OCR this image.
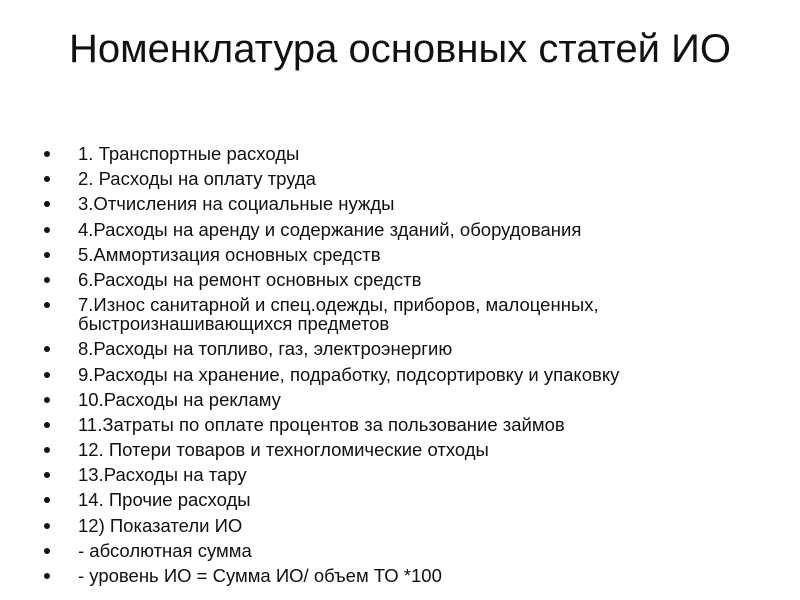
Номенклатура основных статей ИО
1. Транспортные расходы
2. Расходы на оплату труда
3.Отчисления на социальные нужды
4.Расходы на аренду и содержание зданий, оборудования
5.Аммортизация основных средств
6.Расходы на ремонт основных средств
7.Износ санитарной и спец.одежды, приборов, малоценных, быстроизнашивающихся предметов
8.Расходы на топливо, газ, электроэнергию
9.Расходы на хранение, подработку, подсортировку и упаковку
10.Расходы на рекламу
11.Затраты по оплате процентов за пользование займов
12. Потери товаров и техногломические отходы
13.Расходы на тару
14. Прочие расходы
12) Показатели ИО
- абсолютная сумма
- уровень ИО = Сумма ИО/ объем ТО *100
